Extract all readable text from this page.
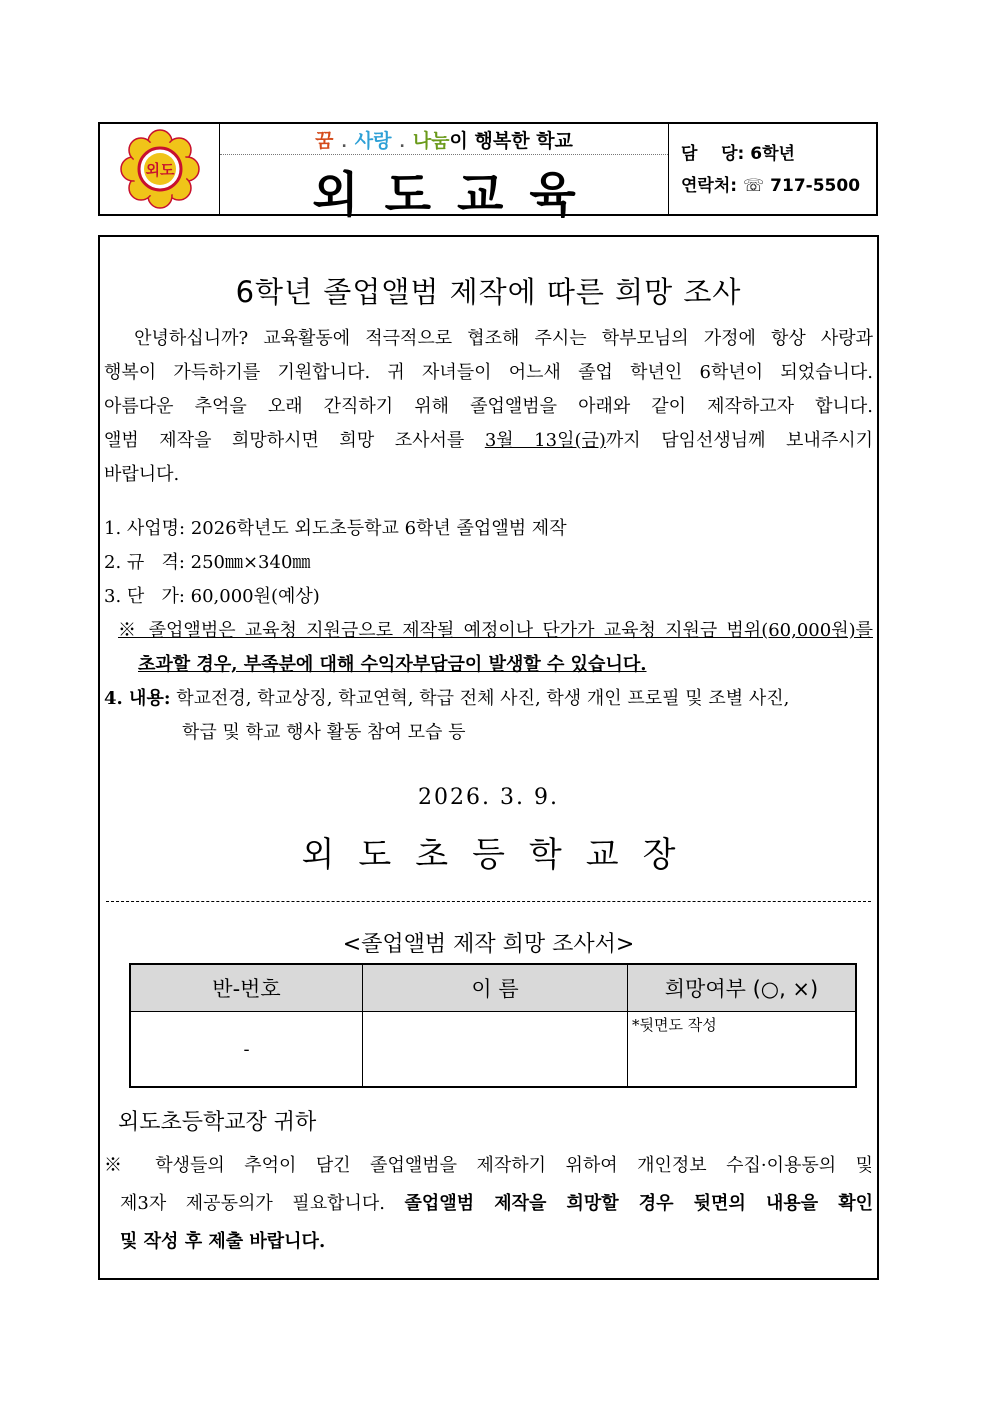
외도
꿈 . 사랑 . 나눔이 행복한 학교
외도교육
담    당: 6학년
연락처: ☏ 717-5500
6학년 졸업앨범 제작에 따른 희망 조사
안녕하십니까? 교육활동에 적극적으로 협조해 주시는 학부모님의 가정에 항상 사랑과
행복이 가득하기를 기원합니다. 귀 자녀들이 어느새 졸업 학년인 6학년이 되었습니다.
아름다운 추억을 오래 간직하기 위해 졸업앨범을 아래와 같이 제작하고자 합니다.
앨범 제작을 희망하시면 희망 조사서를 3월 13일(금)까지 담임선생님께 보내주시기
바랍니다.
1. 사업명: 2026학년도 외도초등학교 6학년 졸업앨범 제작
2. 규   격: 250㎜×340㎜
3. 단   가: 60,000원(예상)
※ 졸업앨범은 교육청 지원금으로 제작될 예정이나 단가가 교육청 지원금 범위(60,000원)를
초과할 경우, 부족분에 대해 수익자부담금이 발생할 수 있습니다.
4. 내용: 학교전경, 학교상징, 학교연혁, 학급 전체 사진, 학생 개인 프로필 및 조별 사진,
학급 및 학교 행사 활동 참여 모습 등
2026. 3. 9.
외도초등학교장
<졸업앨범 제작 희망 조사서>
반-번호	이 름	희망여부 (○, ×)
-		*뒷면도 작성
외도초등학교장 귀하
※ 학생들의 추억이 담긴 졸업앨범을 제작하기 위하여 개인정보 수집·이용동의 및
제3자 제공동의가 필요합니다. 졸업앨범 제작을 희망할 경우 뒷면의 내용을 확인
및 작성 후 제출 바랍니다.
